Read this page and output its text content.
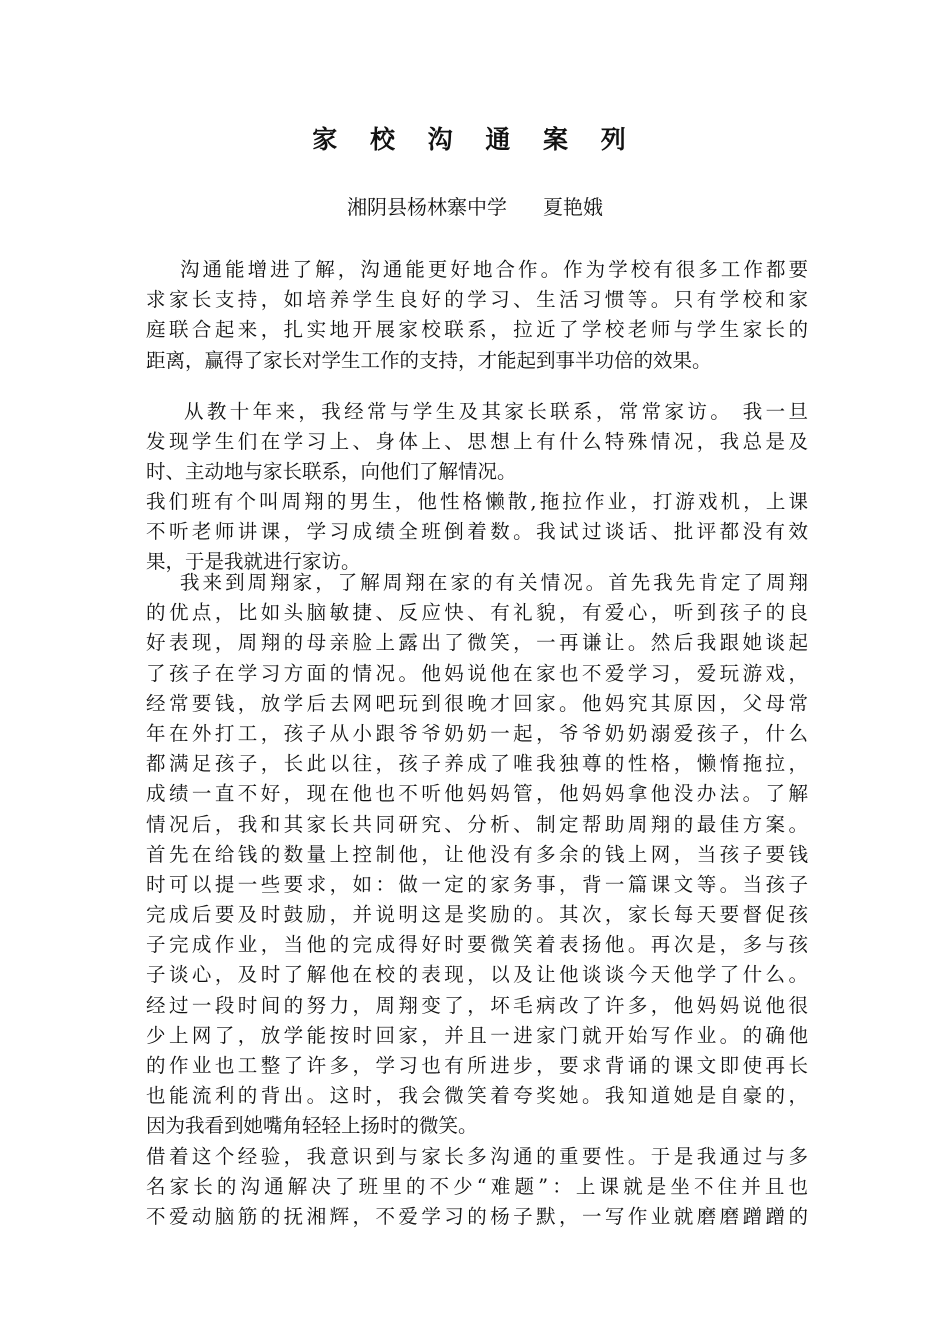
家 校 沟 通 案 列
湘阴县杨林寨中学 夏艳娥
沟通能增进了解，沟通能更好地合作。作为学校有很多工作都要
求家长支持，如培养学生良好的学习、生活习惯等。只有学校和家
庭联合起来，扎实地开展家校联系，拉近了学校老师与学生家长的
距离，赢得了家长对学生工作的支持，才能起到事半功倍的效果。
从教十年来，我经常与学生及其家长联系，常常家访。 我一旦
发现学生们在学习上、身体上、思想上有什么特殊情况，我总是及
时、主动地与家长联系，向他们了解情况。
我们班有个叫周翔的男生，他性格懒散,拖拉作业，打游戏机，上课
不听老师讲课，学习成绩全班倒着数。我试过谈话、批评都没有效
果，于是我就进行家访。
我来到周翔家，了解周翔在家的有关情况。首先我先肯定了周翔
的优点，比如头脑敏捷、反应快、有礼貌，有爱心，听到孩子的良
好表现，周翔的母亲脸上露出了微笑，一再谦让。然后我跟她谈起
了孩子在学习方面的情况。他妈说他在家也不爱学习，爱玩游戏，
经常要钱，放学后去网吧玩到很晚才回家。他妈究其原因，父母常
年在外打工，孩子从小跟爷爷奶奶一起，爷爷奶奶溺爱孩子，什么
都满足孩子，长此以往，孩子养成了唯我独尊的性格，懒惰拖拉，
成绩一直不好，现在他也不听他妈妈管，他妈妈拿他没办法。了解
情况后，我和其家长共同研究、分析、制定帮助周翔的最佳方案。
首先在给钱的数量上控制他，让他没有多余的钱上网，当孩子要钱
时可以提一些要求，如：做一定的家务事，背一篇课文等。当孩子
完成后要及时鼓励，并说明这是奖励的。其次，家长每天要督促孩
子完成作业，当他的完成得好时要微笑着表扬他。再次是，多与孩
子谈心，及时了解他在校的表现，以及让他谈谈今天他学了什么。
经过一段时间的努力，周翔变了，坏毛病改了许多，他妈妈说他很
少上网了，放学能按时回家，并且一进家门就开始写作业。的确他
的作业也工整了许多，学习也有所进步，要求背诵的课文即使再长
也能流利的背出。这时，我会微笑着夸奖她。我知道她是自豪的，
因为我看到她嘴角轻轻上扬时的微笑。
借着这个经验，我意识到与家长多沟通的重要性。于是我通过与多
名家长的沟通解决了班里的不少“难题”：上课就是坐不住并且也
不爱动脑筋的抚湘辉，不爱学习的杨子默，一写作业就磨磨蹭蹭的
